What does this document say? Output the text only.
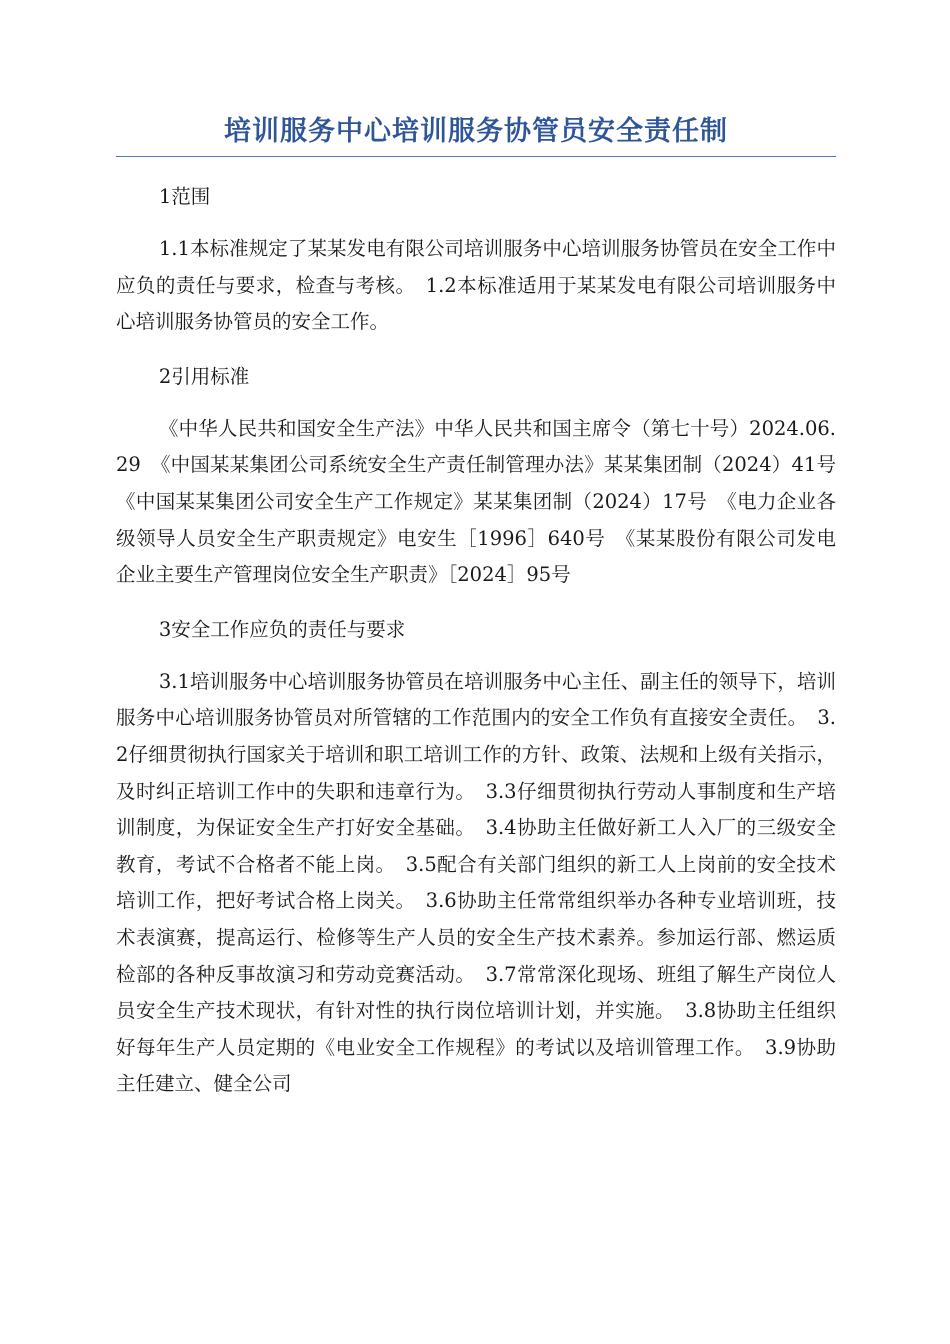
培训服务中心培训服务协管员安全责任制

1范围

1.1本标准规定了某某发电有限公司培训服务中心培训服务协管员在安全工作中应负的责任与要求，检查与考核。　1.2本标准适用于某某发电有限公司培训服务中心培训服务协管员的安全工作。

2引用标准

《中华人民共和国安全生产法》中华人民共和国主席令（第七十号）2024.06.29　《中国某某集团公司系统安全生产责任制管理办法》某某集团制（2024）41号　《中国某某集团公司安全生产工作规定》某某集团制（2024）17号　《电力企业各级领导人员安全生产职责规定》电安生［1996］640号　《某某股份有限公司发电企业主要生产管理岗位安全生产职责》［2024］95号

3安全工作应负的责任与要求

3.1培训服务中心培训服务协管员在培训服务中心主任、副主任的领导下，培训服务中心培训服务协管员对所管辖的工作范围内的安全工作负有直接安全责任。　3.2仔细贯彻执行国家关于培训和职工培训工作的方针、政策、法规和上级有关指示，及时纠正培训工作中的失职和违章行为。　3.3仔细贯彻执行劳动人事制度和生产培训制度，为保证安全生产打好安全基础。　3.4协助主任做好新工人入厂的三级安全教育，考试不合格者不能上岗。　3.5配合有关部门组织的新工人上岗前的安全技术培训工作，把好考试合格上岗关。　3.6协助主任常常组织举办各种专业培训班，技术表演赛，提高运行、检修等生产人员的安全生产技术素养。参加运行部、燃运质检部的各种反事故演习和劳动竞赛活动。　3.7常常深化现场、班组了解生产岗位人员安全生产技术现状，有针对性的执行岗位培训计划，并实施。　3.8协助主任组织好每年生产人员定期的《电业安全工作规程》的考试以及培训管理工作。　3.9协助主任建立、健全公司
